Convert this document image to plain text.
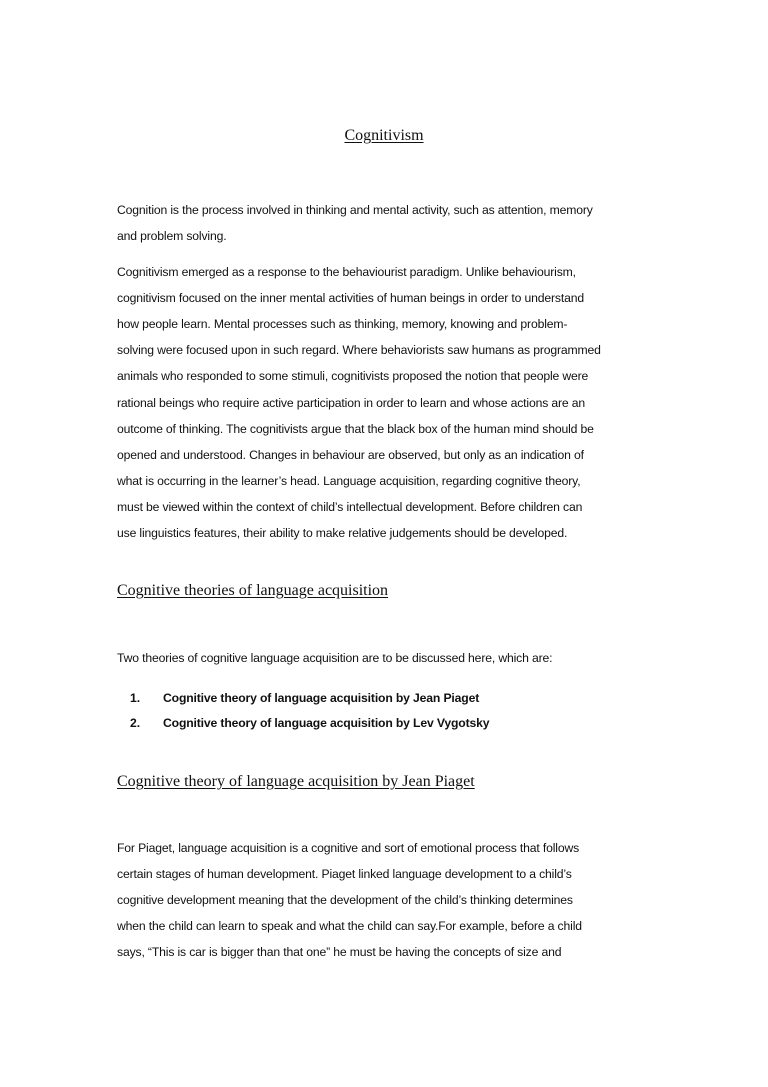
Cognitivism
Cognition is the process involved in thinking and mental activity, such as attention, memory
and problem solving.
Cognitivism emerged as a response to the behaviourist paradigm. Unlike behaviourism,
cognitivism focused on the inner mental activities of human beings in order to understand
how people learn. Mental processes such as thinking, memory, knowing and problem-
solving were focused upon in such regard. Where behaviorists saw humans as programmed
animals who responded to some stimuli, cognitivists proposed the notion that people were
rational beings who require active participation in order to learn and whose actions are an
outcome of thinking. The cognitivists argue that the black box of the human mind should be
opened and understood. Changes in behaviour are observed, but only as an indication of
what is occurring in the learner’s head. Language acquisition, regarding cognitive theory,
must be viewed within the context of child’s intellectual development. Before children can
use linguistics features, their ability to make relative judgements should be developed.
Cognitive theories of language acquisition
Two theories of cognitive language acquisition are to be discussed here, which are:
1. Cognitive theory of language acquisition by Jean Piaget
2. Cognitive theory of language acquisition by Lev Vygotsky
Cognitive theory of language acquisition by Jean Piaget
For Piaget, language acquisition is a cognitive and sort of emotional process that follows
certain stages of human development. Piaget linked language development to a child’s
cognitive development meaning that the development of the child’s thinking determines
when the child can learn to speak and what the child can say.For example, before a child
says, “This is car is bigger than that one” he must be having the concepts of size and
